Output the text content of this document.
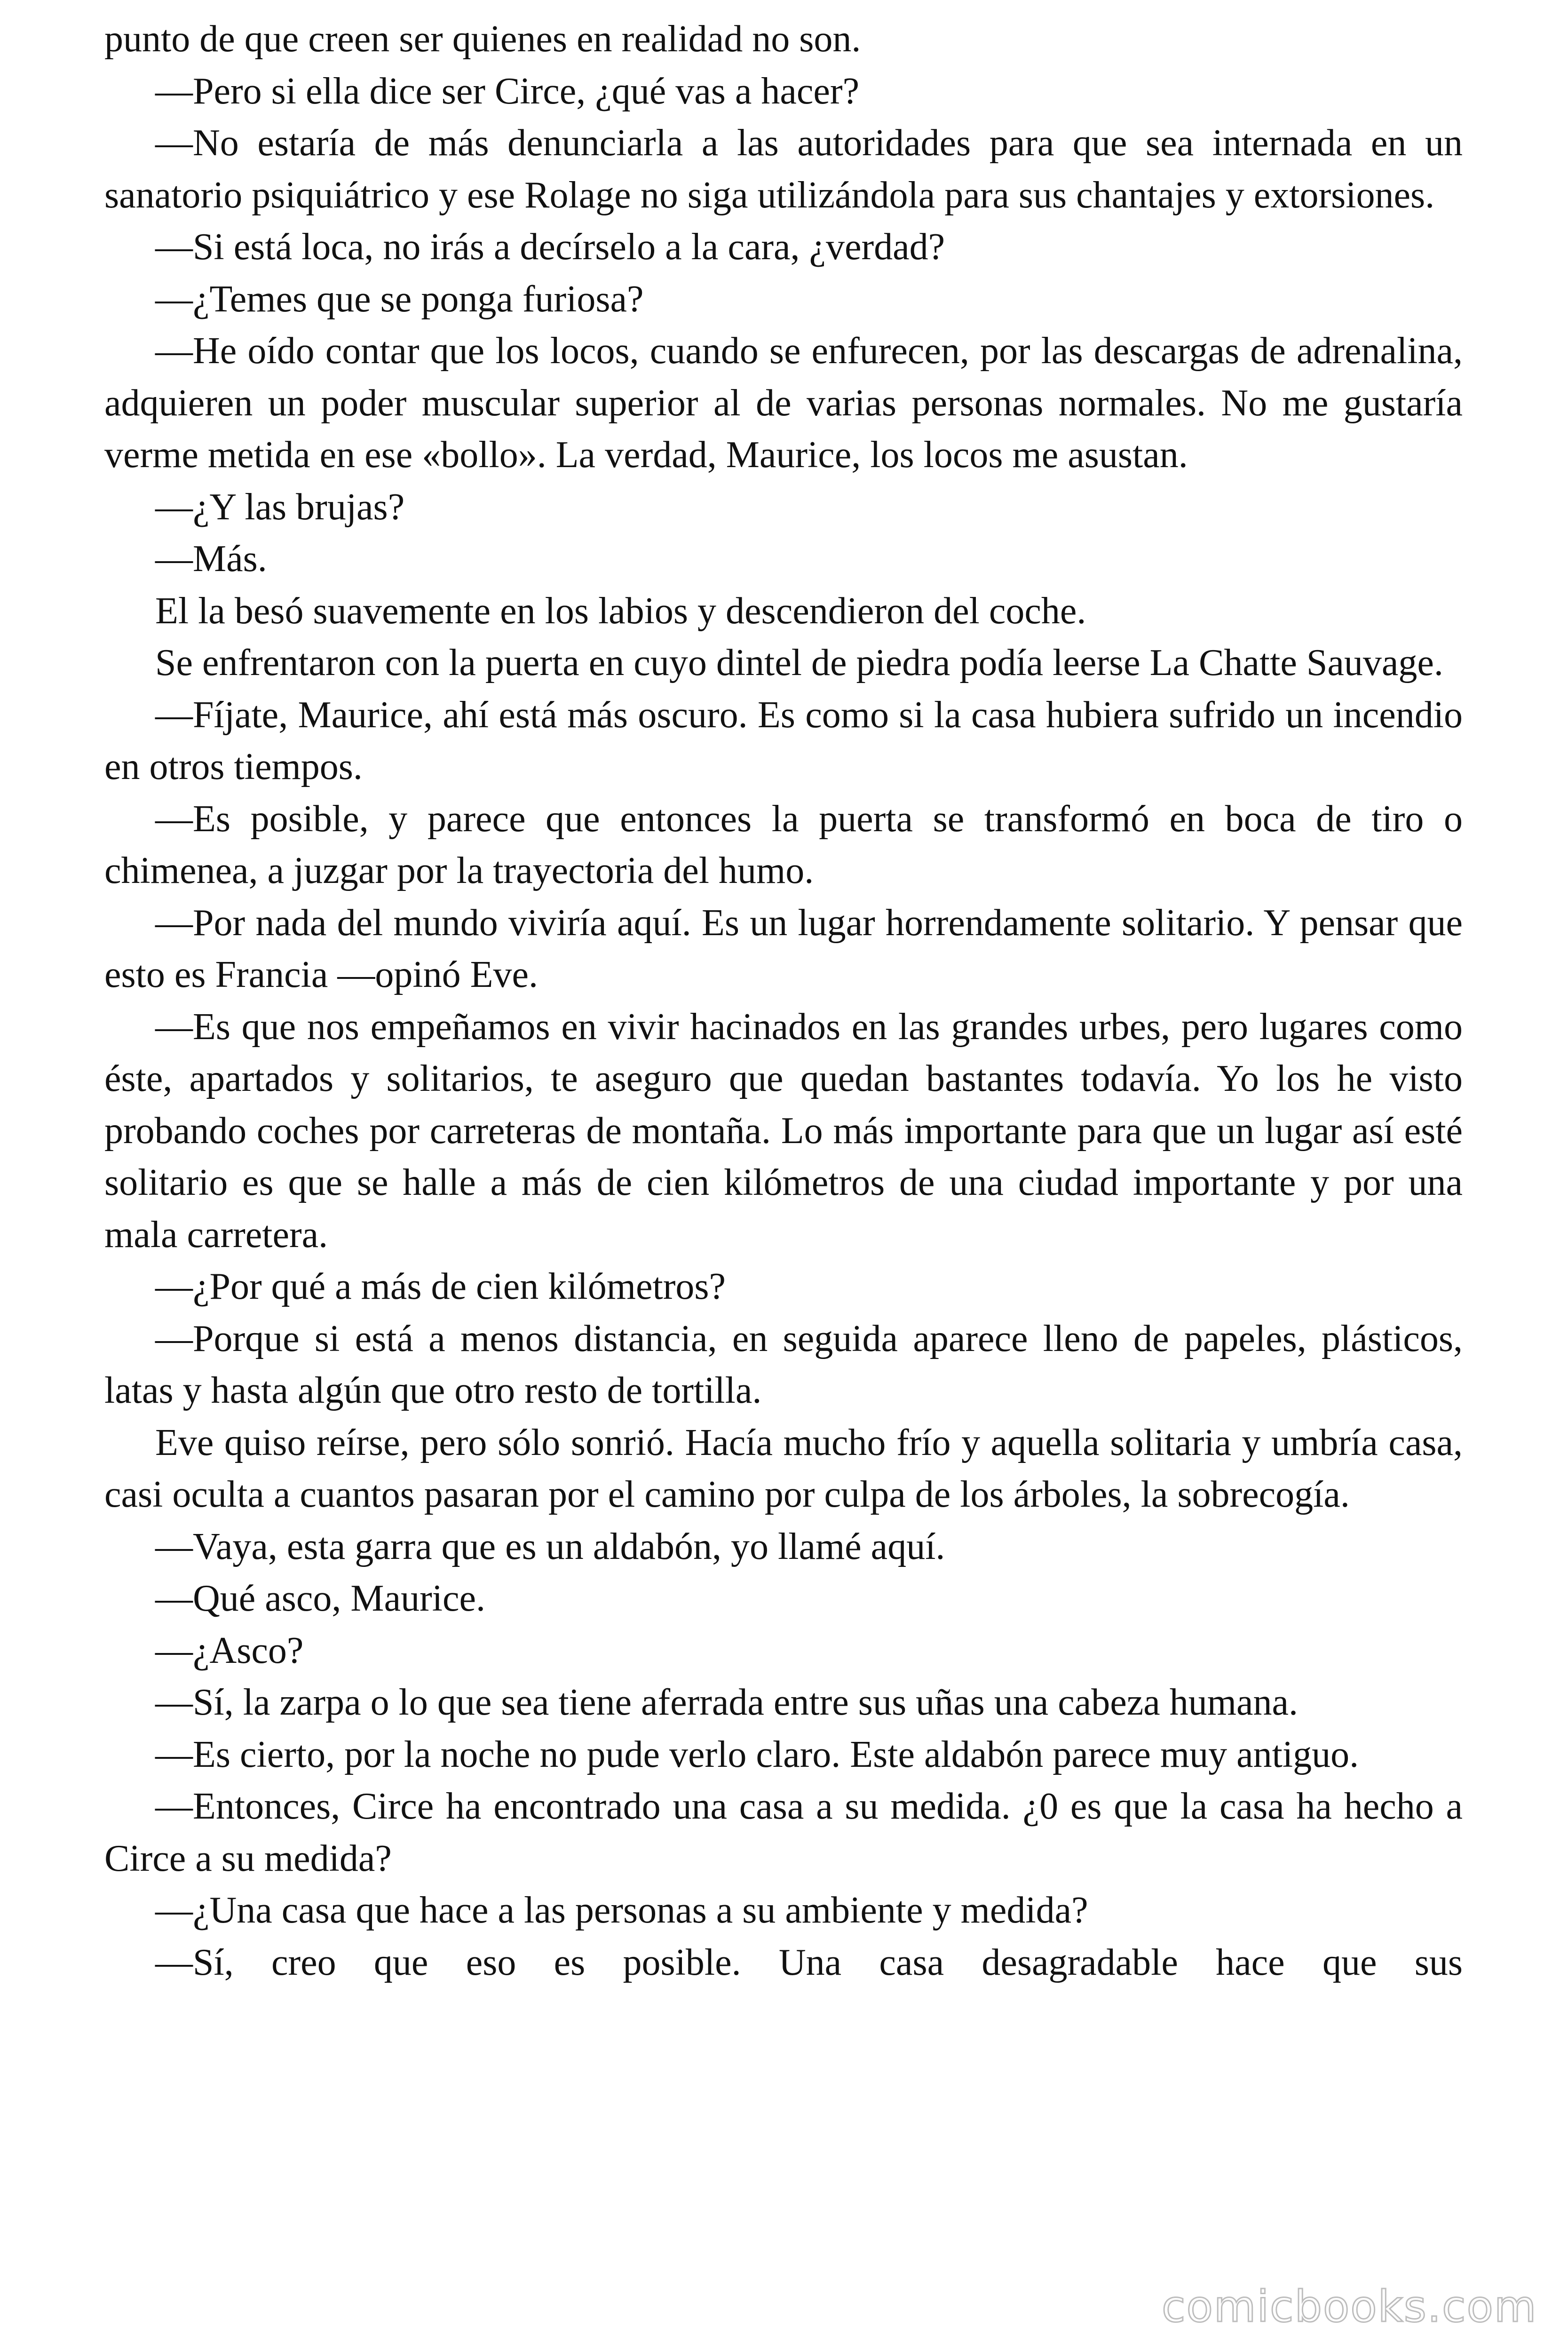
punto de que creen ser quienes en realidad no son.

—Pero si ella dice ser Circe, ¿qué vas a hacer?

—No estaría de más denunciarla a las autoridades para que sea internada en un sanatorio psiquiátrico y ese Rolage no siga utilizándola para sus chantajes y extorsiones.

—Si está loca, no irás a decírselo a la cara, ¿verdad?

—¿Temes que se ponga furiosa?

—He oído contar que los locos, cuando se enfurecen, por las descargas de adrenalina, adquieren un poder muscular superior al de varias personas normales. No me gustaría verme metida en ese «bollo». La verdad, Maurice, los locos me asustan.

—¿Y las brujas?

—Más.

El la besó suavemente en los labios y descendieron del coche.

Se enfrentaron con la puerta en cuyo dintel de piedra podía leerse La Chatte Sauvage.

—Fíjate, Maurice, ahí está más oscuro. Es como si la casa hubiera sufrido un incendio en otros tiempos.

—Es posible, y parece que entonces la puerta se transformó en boca de tiro o chimenea, a juzgar por la trayectoria del humo.

—Por nada del mundo viviría aquí. Es un lugar horrendamente solitario. Y pensar que esto es Francia —opinó Eve.

—Es que nos empeñamos en vivir hacinados en las grandes urbes, pero lugares como éste, apartados y solitarios, te aseguro que quedan bastantes todavía. Yo los he visto probando coches por carreteras de montaña. Lo más importante para que un lugar así esté solitario es que se halle a más de cien kilómetros de una ciudad importante y por una mala carretera.

—¿Por qué a más de cien kilómetros?

—Porque si está a menos distancia, en seguida aparece lleno de papeles, plásticos, latas y hasta algún que otro resto de tortilla.

Eve quiso reírse, pero sólo sonrió. Hacía mucho frío y aquella solitaria y umbría casa, casi oculta a cuantos pasaran por el camino por culpa de los árboles, la sobrecogía.

—Vaya, esta garra que es un aldabón, yo llamé aquí.

—Qué asco, Maurice.

—¿Asco?

—Sí, la zarpa o lo que sea tiene aferrada entre sus uñas una cabeza humana.

—Es cierto, por la noche no pude verlo claro. Este aldabón parece muy antiguo.

—Entonces, Circe ha encontrado una casa a su medida. ¿0 es que la casa ha hecho a Circe a su medida?

—¿Una casa que hace a las personas a su ambiente y medida?

—Sí, creo que eso es posible. Una casa desagradable hace que sus

comicbooks.com
